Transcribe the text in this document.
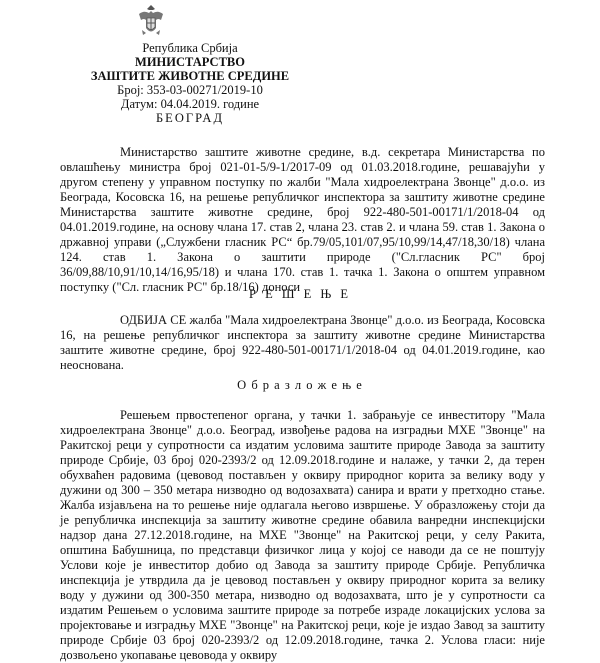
Република Србија
МИНИСТАРСТВО
ЗАШТИТЕ ЖИВОТНЕ СРЕДИНЕ
Број: 353-03-00271/2019-10
Датум: 04.04.2019. године
БЕОГРАД

Министарство заштите животне средине, в.д. секретара Министарства по овлашћењу министра број 021-01-5/9-1/2017-09 од 01.03.2018.године, решавајући у другом степену у управном поступку по жалби "Мала хидроелектрана Звонце" д.о.о. из Београда, Косовска 16, на решење републичког инспектора за заштиту животне средине Министарства заштите животне средине, број 922-480-501-00171/1/2018-04 од 04.01.2019.године, на основу члана 17. став 2, члана 23. став 2. и члана 59. став 1. Закона о државној управи („Службени гласник РС“ бр.79/05,101/07,95/10,99/14,47/18,30/18) члана 124. став 1. Закона о заштити природе ("Сл.гласник РС" број 36/09,88/10,91/10,14/16,95/18) и члана 170. став 1. тачка 1. Закона о општем управном поступку ("Сл. гласник РС" бр.18/16) доноси

Р Е Ш Е Њ Е

ОДБИЈА СЕ жалба "Мала хидроелектрана Звонце" д.о.о. из Београда, Косовска 16, на решење републичког инспектора за заштиту животне средине Министарства заштите животне средине, број 922-480-501-00171/1/2018-04 од 04.01.2019.године, као неоснована.

О б р а з л о ж е њ е

Решењем првостепеног органа, у тачки 1. забрањује се инвеститору "Мала хидроелектрана Звонце" д.о.о. Београд, извођење радова на изградњи МХЕ "Звонце" на Ракитској реци у супротности са издатим условима заштите природе Завода за заштиту природе Србије, 03 број 020-2393/2 од 12.09.2018.године и налаже, у тачки 2, да терен обухваћен радовима (цевовод постављен у оквиру природног корита за велику воду у дужини од 300 – 350 метара низводно од водозахвата) санира и врати у претходно стање. Жалба изјављена на то решење није одлагала његово извршење. У образложењу стоји да је републичка инспекција за заштиту животне средине обавила ванредни инспекцијски надзор дана 27.12.2018.године, на МХЕ "Звонце" на Ракитској реци, у селу Ракита, општина Бабушница, по представци физичког лица у којој се наводи да се не поштују Услови које је инвеститор добио од Завода за заштиту природе Србије. Републичка инспекција је утврдила да је цевовод постављен у оквиру природног корита за велику воду у дужини од 300-350 метара, низводно од водозахвата, што је у супротности са издатим Решењем о условима заштите природе за потребе израде локацијских услова за пројектовање и изградњу МХЕ "Звонце" на Ракитској реци, које је издао Завод за заштиту природе Србије 03 број 020-2393/2 од 12.09.2018.године, тачка 2. Услова гласи: није дозвољено укопавање цевовода у оквиру
